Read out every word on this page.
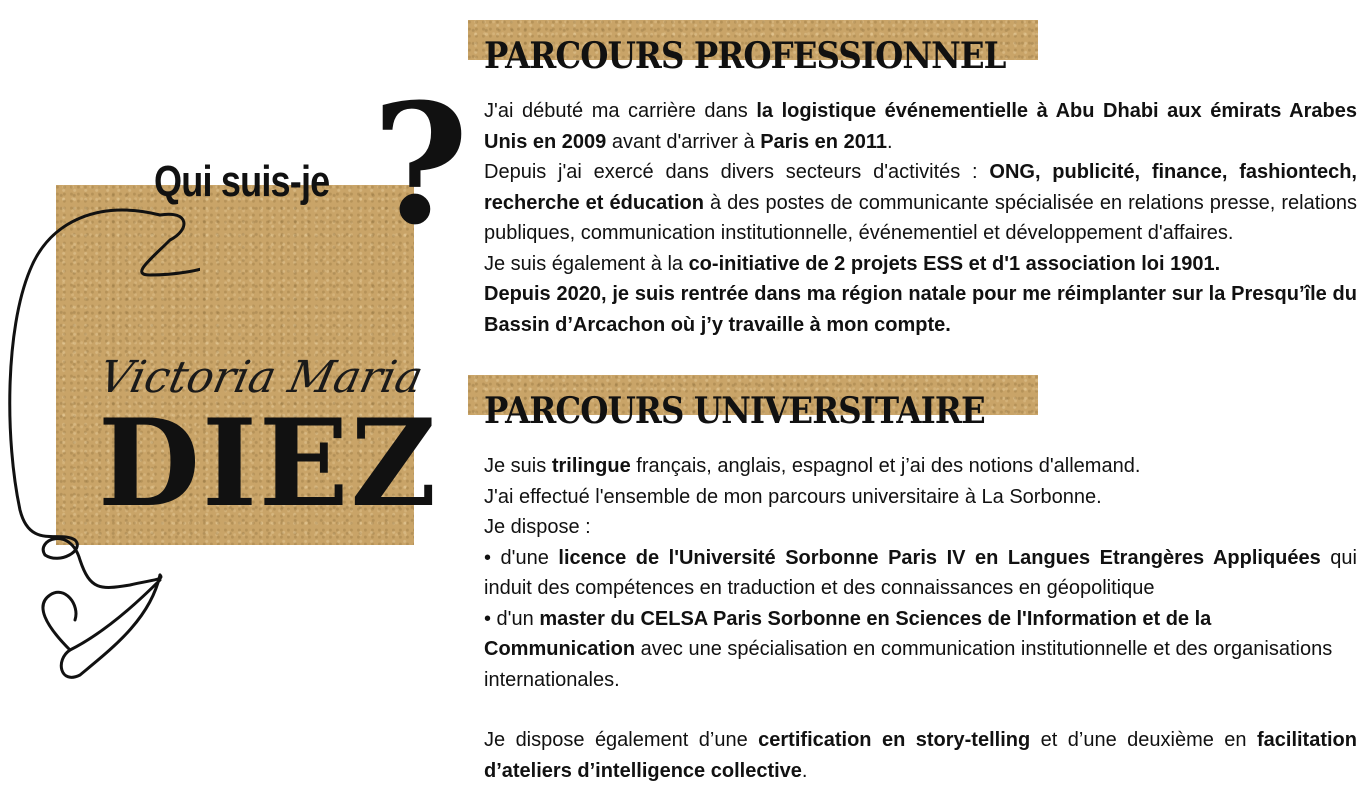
Qui suis-je ?

Victoria Maria

DIEZ

PARCOURS PROFESSIONNEL
PARCOURS UNIVERSITAIRE
J'ai débuté ma carrière dans la logistique événementielle à Abu Dhabi aux émirats Arabes Unis en 2009 avant d'arriver à Paris en 2011.
Depuis j'ai exercé dans divers secteurs d'activités : ONG, publicité, finance, fashiontech, recherche et éducation à des postes de communicante spécialisée en relations presse, relations publiques, communication institutionnelle, événementiel et développement d'affaires.
Je suis également à la co-initiative de 2 projets ESS et d'1 association loi 1901.
Depuis 2020, je suis rentrée dans ma région natale pour me réimplanter sur la Presqu’île du Bassin d’Arcachon où j’y travaille à mon compte.
Je suis trilingue français, anglais, espagnol et j’ai des notions d'allemand.
J'ai effectué l'ensemble de mon parcours universitaire à La Sorbonne.
Je dispose :
• d'une licence de l'Université Sorbonne Paris IV en Langues Etrangères Appliquées qui induit des compétences en traduction et des connaissances en géopolitique
• d'un master du CELSA Paris Sorbonne en Sciences de l'Information et de la Communication avec une spécialisation en communication institutionnelle et des organisations internationales.
Je dispose également d’une certification en story-telling et d’une deuxième en facilitation d’ateliers d’intelligence collective.
